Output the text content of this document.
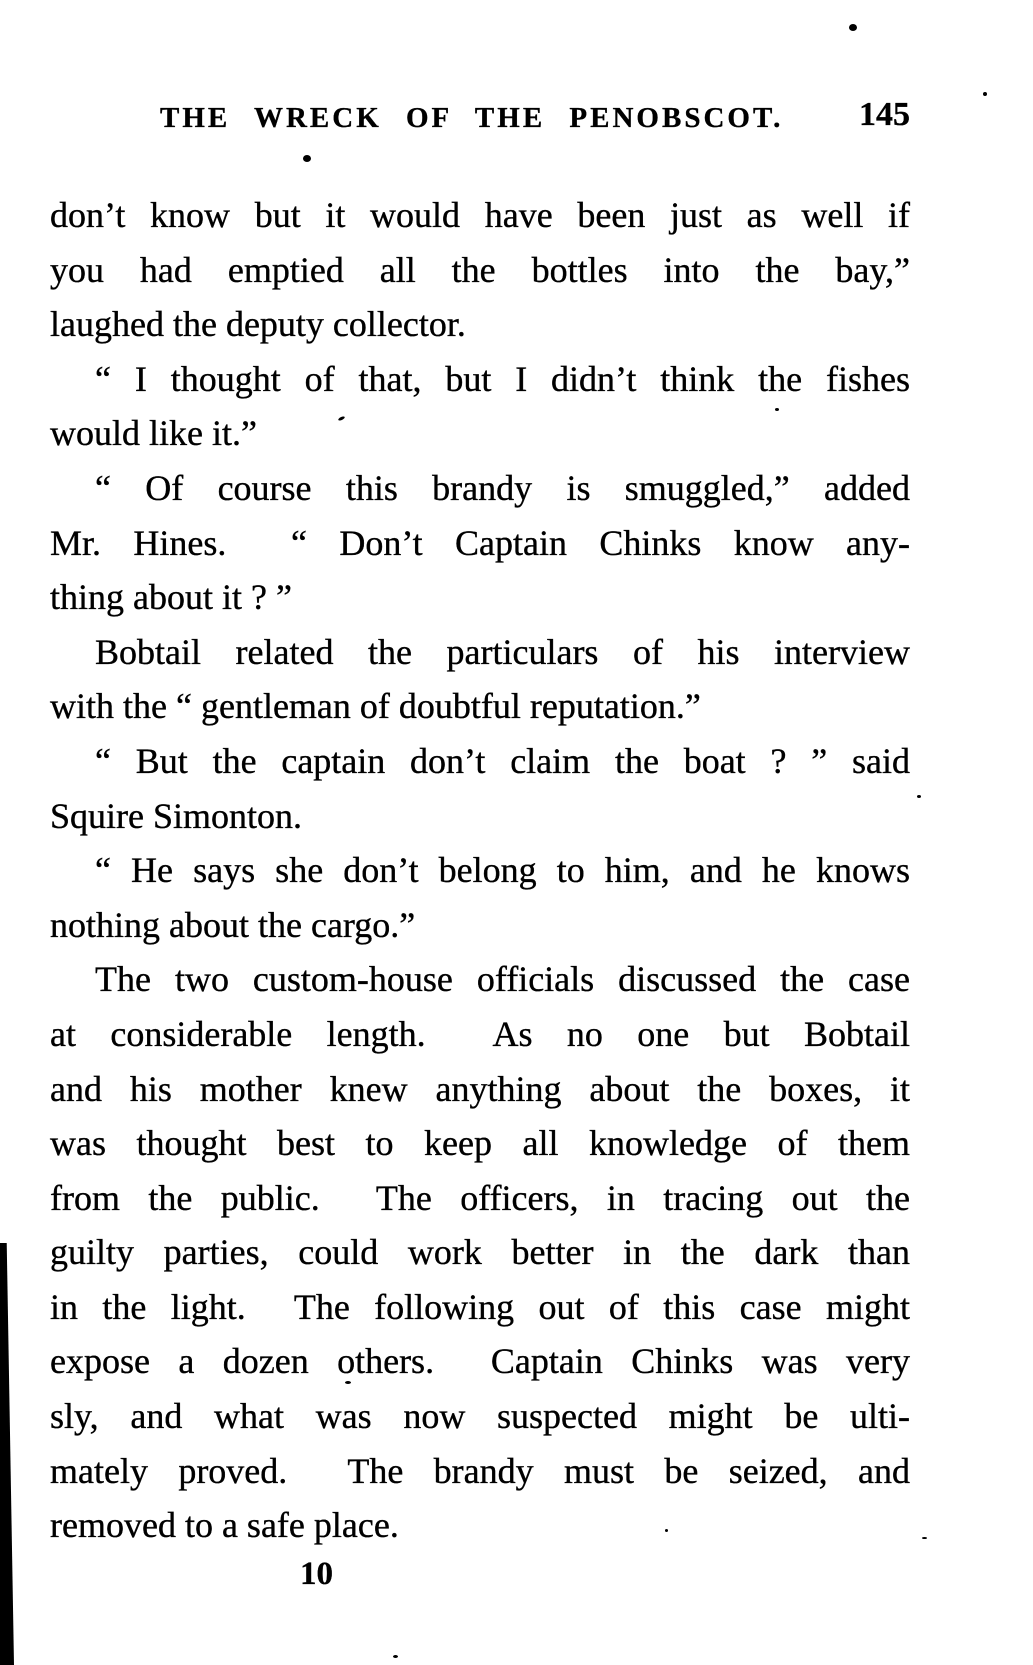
THE WRECK OF THE PENOBSCOT. 145
don’t know but it would have been just as well if
you had emptied all the bottles into the bay,”
laughed the deputy collector.
“ I thought of that, but I didn’t think the fishes
would like it.”
“ Of course this brandy is smuggled,” added
Mr. Hines.  “ Don’t Captain Chinks know any-
thing about it ? ”
Bobtail related the particulars of his interview
with the “ gentleman of doubtful reputation.”
“ But the captain don’t claim the boat ? ” said
Squire Simonton.
“ He says she don’t belong to him, and he knows
nothing about the cargo.”
The two custom-house officials discussed the case
at considerable length.  As no one but Bobtail
and his mother knew anything about the boxes, it
was thought best to keep all knowledge of them
from the public.  The officers, in tracing out the
guilty parties, could work better in the dark than
in the light.  The following out of this case might
expose a dozen others.  Captain Chinks was very
sly, and what was now suspected might be ulti-
mately proved.  The brandy must be seized, and
removed to a safe place.
10
